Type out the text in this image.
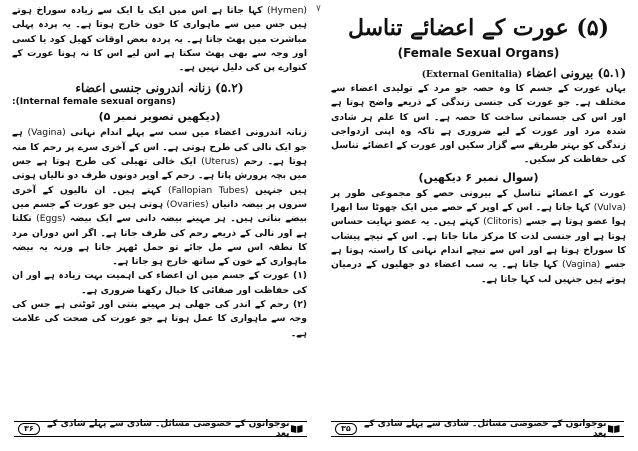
(Hymen) کہا جاتا ہے اس میں ایک یا ایک سے زیادہ سوراخ ہوتے ہیں جس میں سے ماہواری کا خون خارج ہوتا ہے۔ یہ پردہ پہلی مباشرت میں پھٹ جاتا ہے۔ یہ پردہ بعض اوقات کھیل کود یا کسی اور وجہ سے بھی پھٹ سکتا ہے اس لیے اس کا نہ ہونا عورت کے کنوارے پن کی دلیل نہیں ہے۔

(۵.۲) زنانہ اندرونی جنسی اعضاء
:(Internal female sexual organs)
(دیکھیں تصویر نمبر ۵)

زنانہ اندرونی اعضاء میں سب سے پہلے اندام نہانی (Vagina) ہے جو ایک نالی کی طرح ہوتی ہے۔ اس کے آخری سرے پر رحم کا منہ ہوتا ہے۔ رحم (Uterus) ایک خالی تھیلی کی طرح ہوتا ہے جس میں بچہ پرورش پاتا ہے۔ رحم کے اوپر دونوں طرف دو نالیاں ہوتی ہیں جنہیں (Fallopian Tubes) کہتے ہیں۔ ان نالیوں کے آخری سروں پر بیضہ دانیاں (Ovaries) ہوتی ہیں جو عورت کے جسم میں بیضے بناتی ہیں۔ ہر مہینے بیضہ دانی سے ایک بیضہ (Eggs) نکلتا ہے اور نالی کے ذریعے رحم کی طرف جاتا ہے۔ اگر اس دوران مرد کا نطفہ اس سے مل جائے تو حمل ٹھہر جاتا ہے ورنہ یہ بیضہ ماہواری کے خون کے ساتھ خارج ہو جاتا ہے۔

(۱) عورت کے جسم میں ان اعضاء کی اہمیت بہت زیادہ ہے اور ان کی حفاظت اور صفائی کا خیال رکھنا ضروری ہے۔

(۲) رحم کے اندر کی جھلی ہر مہینے بنتی اور ٹوٹتی ہے جس کی وجہ سے ماہواری کا عمل ہوتا ہے جو عورت کی صحت کی علامت ہے۔

نوجوانوں کے خصوصی مسائل۔ شادی سے پہلے شادی کے بعد
۳۶
۷
(۵) عورت کے اعضائے تناسل
(Female Sexual Organs)
(۵.۱) بیرونی اعضاء (External Genitalia)

یہاں عورت کے جسم کا وہ حصہ جو مرد کے تولیدی اعضاء سے مختلف ہے۔ جو عورت کی جنسی زندگی کے ذریعے واضح ہوتا ہے اور اس کی جسمانی ساخت کا حصہ ہے۔ اس کا علم ہر شادی شدہ مرد اور عورت کے لیے ضروری ہے تاکہ وہ اپنی ازدواجی زندگی کو بہتر طریقے سے گزار سکیں اور عورت کے اعضائے تناسل کی حفاظت کر سکیں۔

(سوال نمبر ۶ دیکھیں)

عورت کے اعضائے تناسل کے بیرونی حصے کو مجموعی طور پر (Vulva) کہا جاتا ہے۔ اس کے اوپر کے حصے میں ایک چھوٹا سا ابھرا ہوا عضو ہوتا ہے جسے (Clitoris) کہتے ہیں۔ یہ عضو نہایت حساس ہوتا ہے اور جنسی لذت کا مرکز مانا جاتا ہے۔ اس کے نیچے پیشاب کا سوراخ ہوتا ہے اور اس سے نیچے اندام نہانی کا راستہ ہوتا ہے جسے (Vagina) کہا جاتا ہے۔ یہ سب اعضاء دو جھلیوں کے درمیان ہوتے ہیں جنہیں لب کہا جاتا ہے۔

نوجوانوں کے خصوصی مسائل۔ شادی سے پہلے شادی کے بعد
۳۵
